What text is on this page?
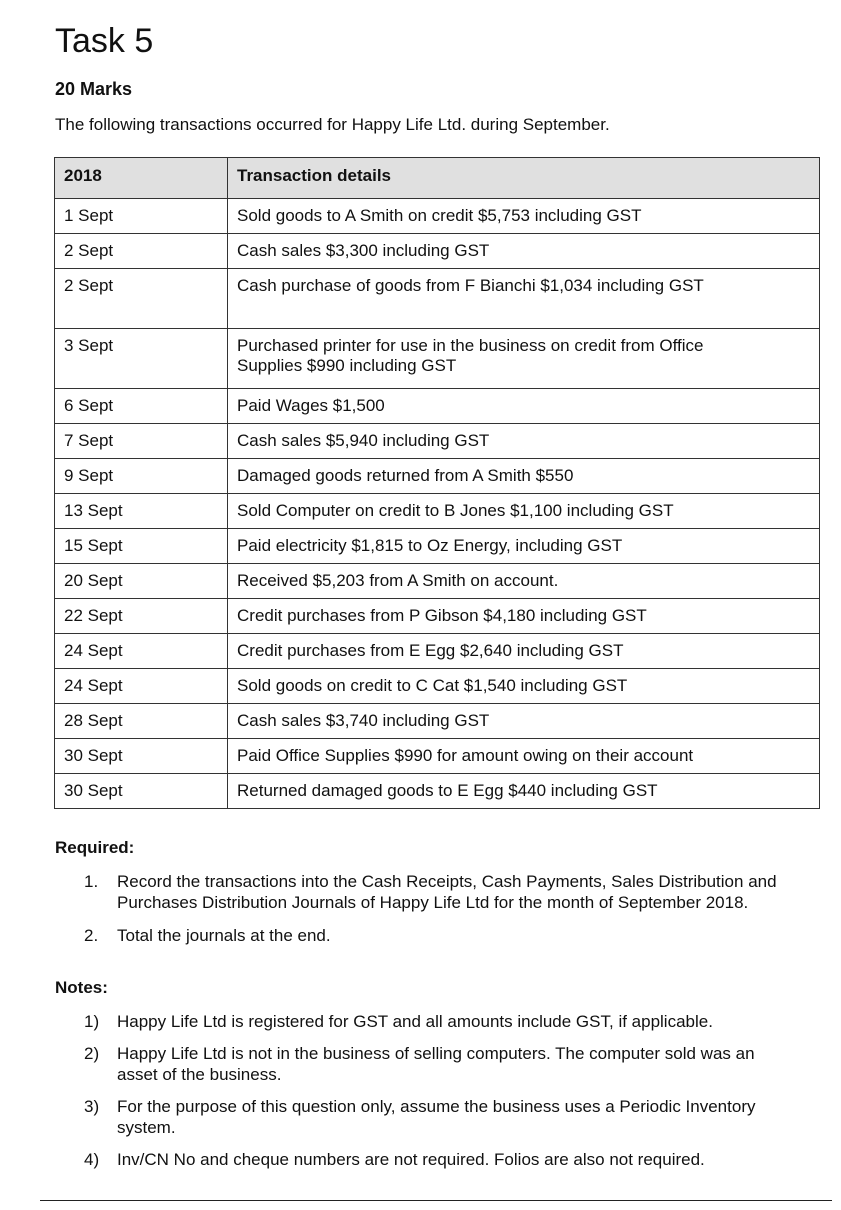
Task 5
20 Marks
The following transactions occurred for Happy Life Ltd. during September.
2018	Transaction details
1 Sept	Sold goods to A Smith on credit $5,753 including GST

2 Sept	Cash sales $3,300 including GST

2 Sept	Cash purchase of goods from F Bianchi $1,034 including GST

3 Sept	Purchased printer for use in the business on credit from Office Supplies $990 including GST

6 Sept	Paid Wages $1,500

7 Sept	Cash sales $5,940 including GST

9 Sept	Damaged goods returned from A Smith $550

13 Sept	Sold Computer on credit to B Jones $1,100 including GST

15 Sept	Paid electricity $1,815 to Oz Energy, including GST

20 Sept	Received $5,203 from A Smith on account.

22 Sept	Credit purchases from P Gibson $4,180 including GST

24 Sept	Credit purchases from E Egg $2,640 including GST

24 Sept	Sold goods on credit to C Cat $1,540 including GST

28 Sept	Cash sales $3,740 including GST

30 Sept	Paid Office Supplies $990 for amount owing on their account

30 Sept	Returned damaged goods to E Egg $440 including GST
Required:
1. Record the transactions into the Cash Receipts, Cash Payments, Sales Distribution and Purchases Distribution Journals of Happy Life Ltd for the month of September 2018.
2. Total the journals at the end.
Notes:
1) Happy Life Ltd is registered for GST and all amounts include GST, if applicable.
2) Happy Life Ltd is not in the business of selling computers. The computer sold was an asset of the business.
3) For the purpose of this question only, assume the business uses a Periodic Inventory system.
4) Inv/CN No and cheque numbers are not required. Folios are also not required.
